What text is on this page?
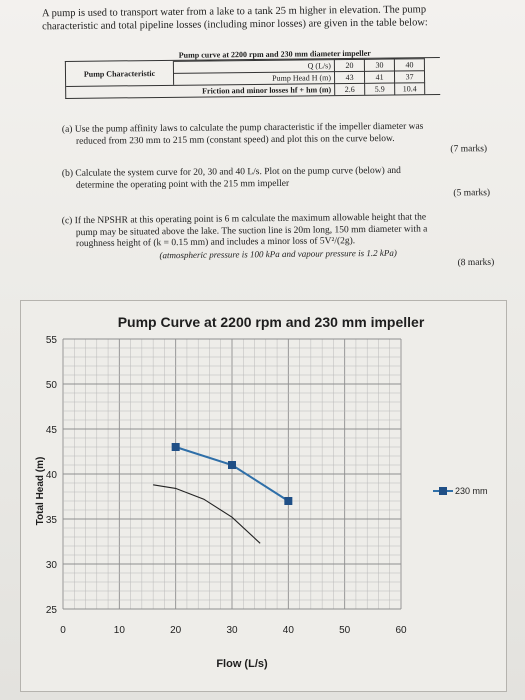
A pump is used to transport water from a lake to a tank 25 m higher in elevation. The pump
characteristic and total pipeline losses (including minor losses) are given in the table below:
Pump curve at 2200 rpm and 230 mm diameter impeller
Pump Characteristic
Q (L/s)	20	30	40
Pump Head H (m)	43	41	37
Friction and minor losses hf + hm (m)	2.6	5.9	10.4
(a) Use the pump affinity laws to calculate the pump characteristic if the impeller diameter was
reduced from 230 mm to 215 mm (constant speed) and plot this on the curve below.
(7 marks)
(b) Calculate the system curve for 20, 30 and 40 L/s. Plot on the pump curve (below) and
determine the operating point with the 215 mm impeller
(5 marks)
(c) If the NPSHR at this operating point is 6 m calculate the maximum allowable height that the
pump may be situated above the lake. The suction line is 20m long, 150 mm diameter with a
roughness height of (k = 0.15 mm) and includes a minor loss of 5V²/(2g).
(atmospheric pressure is 100 kPa and vapour pressure is 1.2 kPa)
(8 marks)
Pump Curve at 2200 rpm and 230 mm impeller
25
30
35
40
45
50
55
0	10	20	30	40	50	60
Total Head (m)
Flow (L/s)
230 mm
